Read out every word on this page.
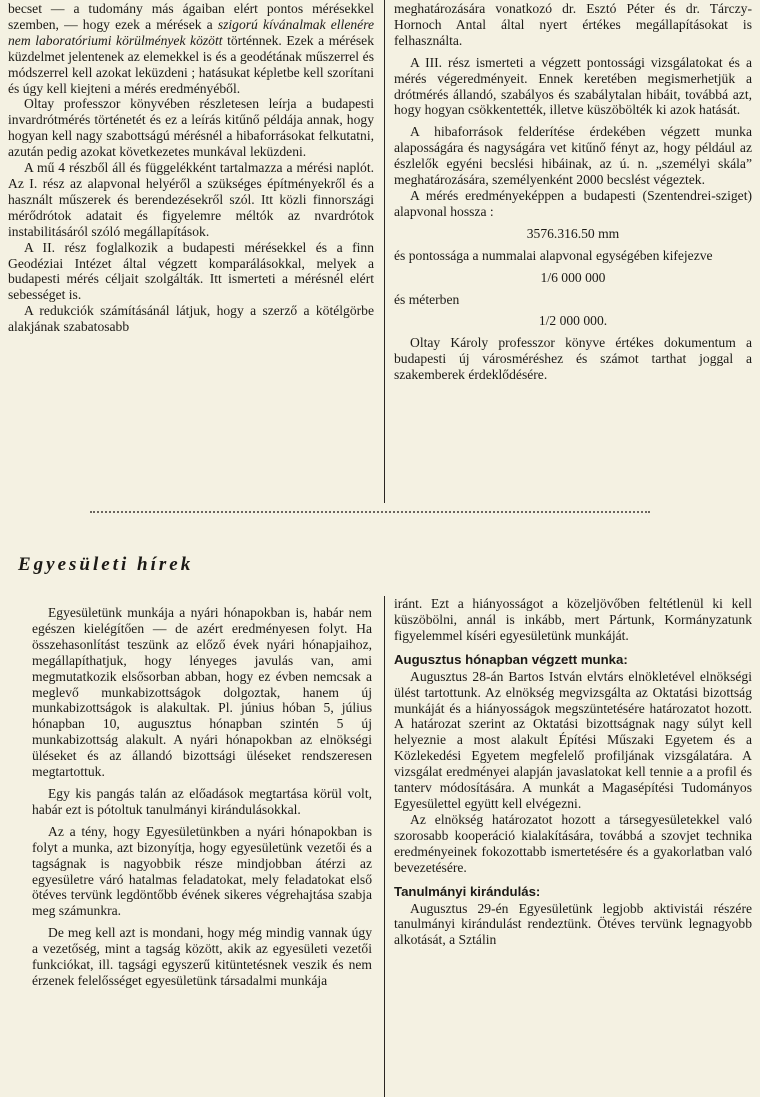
becset — a tudomány más ágaiban elért pontos mérésekkel szemben, — hogy ezek a mérések a szigorú kívánalmak ellenére nem laboratóriumi körülmények között történnek. Ezek a mérések küzdelmet jelentenek az elemekkel is és a geodétának műszerrel és módszerrel kell azokat leküzdeni ; hatásukat képletbe kell szorítani és úgy kell kiejteni a mérés eredményéből.

Oltay professzor könyvében részletesen leírja a budapesti invardrótmérés történetét és ez a leírás kitűnő példája annak, hogy hogyan kell nagy szabottságú mérésnél a hibaforrásokat felkutatni, azután pedig azokat következetes munkával leküzdeni.

A mű 4 részből áll és függelékként tartalmazza a mérési naplót. Az I. rész az alapvonal helyéről a szükséges építményekről és a használt műszerek és berendezésekről szól. Itt közli finnországi mérődrótok adatait és figyelemre méltók az nvardrótok instabilitásáról szóló megállapítások.

A II. rész foglalkozik a budapesti mérésekkel és a finn Geodéziai Intézet által végzett komparálásokkal, melyek a budapesti mérés céljait szolgálták. Itt ismerteti a mérésnél elért sebességet is.

A redukciók számításánál látjuk, hogy a szerző a kötélgörbe alakjának szabatosabb

meghatározására vonatkozó dr. Esztó Péter és dr. Tárczy-Hornoch Antal által nyert értékes megállapításokat is felhasználta.

A III. rész ismerteti a végzett pontossági vizsgálatokat és a mérés végeredményeit. Ennek keretében megismerhetjük a drótmérés állandó, szabályos és szabálytalan hibáit, továbbá azt, hogy hogyan csökkentették, illetve küszöbölték ki azok hatását.

A hibaforrások felderítése érdekében végzett munka alaposságára és nagyságára vet kitűnő fényt az, hogy például az észlelők egyéni becslési hibáinak, az ú. n. „személyi skála” meghatározására, személyenként 2000 becslést végeztek.

A mérés eredményeképpen a budapesti (Szentendrei-sziget) alapvonal hossza :

3576.316.50 mm

és pontossága a nummalai alapvonal egységében kifejezve

1/6 000 000

és méterben

1/2 000 000.

Oltay Károly professzor könyve értékes dokumentum a budapesti új városméréshez és számot tarthat joggal a szakemberek érdeklődésére.

Egyesületi hírek

Egyesületünk munkája a nyári hónapokban is, habár nem egészen kielégítően — de azért eredményesen folyt. Ha összehasonlítást teszünk az előző évek nyári hónapjaihoz, megállapíthatjuk, hogy lényeges javulás van, ami megmutatkozik elsősorban abban, hogy ez évben nemcsak a meglevő munkabizottságok dolgoztak, hanem új munkabizottságok is alakultak. Pl. június hóban 5, július hónapban 10, augusztus hónapban szintén 5 új munkabizottság alakult. A nyári hónapokban az elnökségi üléseket és az állandó bizottsági üléseket rendszeresen megtartottuk.

Egy kis pangás talán az előadások megtartása körül volt, habár ezt is pótoltuk tanulmányi kirándulásokkal.

Az a tény, hogy Egyesületünkben a nyári hónapokban is folyt a munka, azt bizonyítja, hogy egyesületünk vezetői és a tagságnak is nagyobbik része mindjobban átérzi az egyesületre váró hatalmas feladatokat, mely feladatokat első ötéves tervünk legdöntőbb évének sikeres végrehajtása szabja meg számunkra.

De meg kell azt is mondani, hogy még mindig vannak úgy a vezetőség, mint a tagság között, akik az egyesületi vezetői funkciókat, ill. tagsági egyszerű kitüntetésnek veszik és nem érzenek felelősséget egyesületünk társadalmi munkája

iránt. Ezt a hiányosságot a közeljövőben feltétlenül ki kell küszöbölni, annál is inkább, mert Pártunk, Kormányzatunk figyelemmel kíséri egyesületünk munkáját.

Augusztus hónapban végzett munka:

Augusztus 28-án Bartos István elvtárs elnökletével elnökségi ülést tartottunk. Az elnökség megvizsgálta az Oktatási bizottság munkáját és a hiányosságok megszüntetésére határozatot hozott. A határozat szerint az Oktatási bizottságnak nagy súlyt kell helyeznie a most alakult Építési Műszaki Egyetem és a Közlekedési Egyetem megfelelő profiljának vizsgálatára. A vizsgálat eredményei alapján javaslatokat kell tennie a a profil és tanterv módosítására. A munkát a Magasépítési Tudományos Egyesülettel együtt kell elvégezni.

Az elnökség határozatot hozott a társegyesületekkel való szorosabb kooperáció kialakítására, továbbá a szovjet technika eredményeinek fokozottabb ismertetésére és a gyakorlatban való bevezetésére.

Tanulmányi kirándulás:

Augusztus 29-én Egyesületünk legjobb aktivistái részére tanulmányi kirándulást rendeztünk. Ötéves tervünk legnagyobb alkotását, a Sztálin
